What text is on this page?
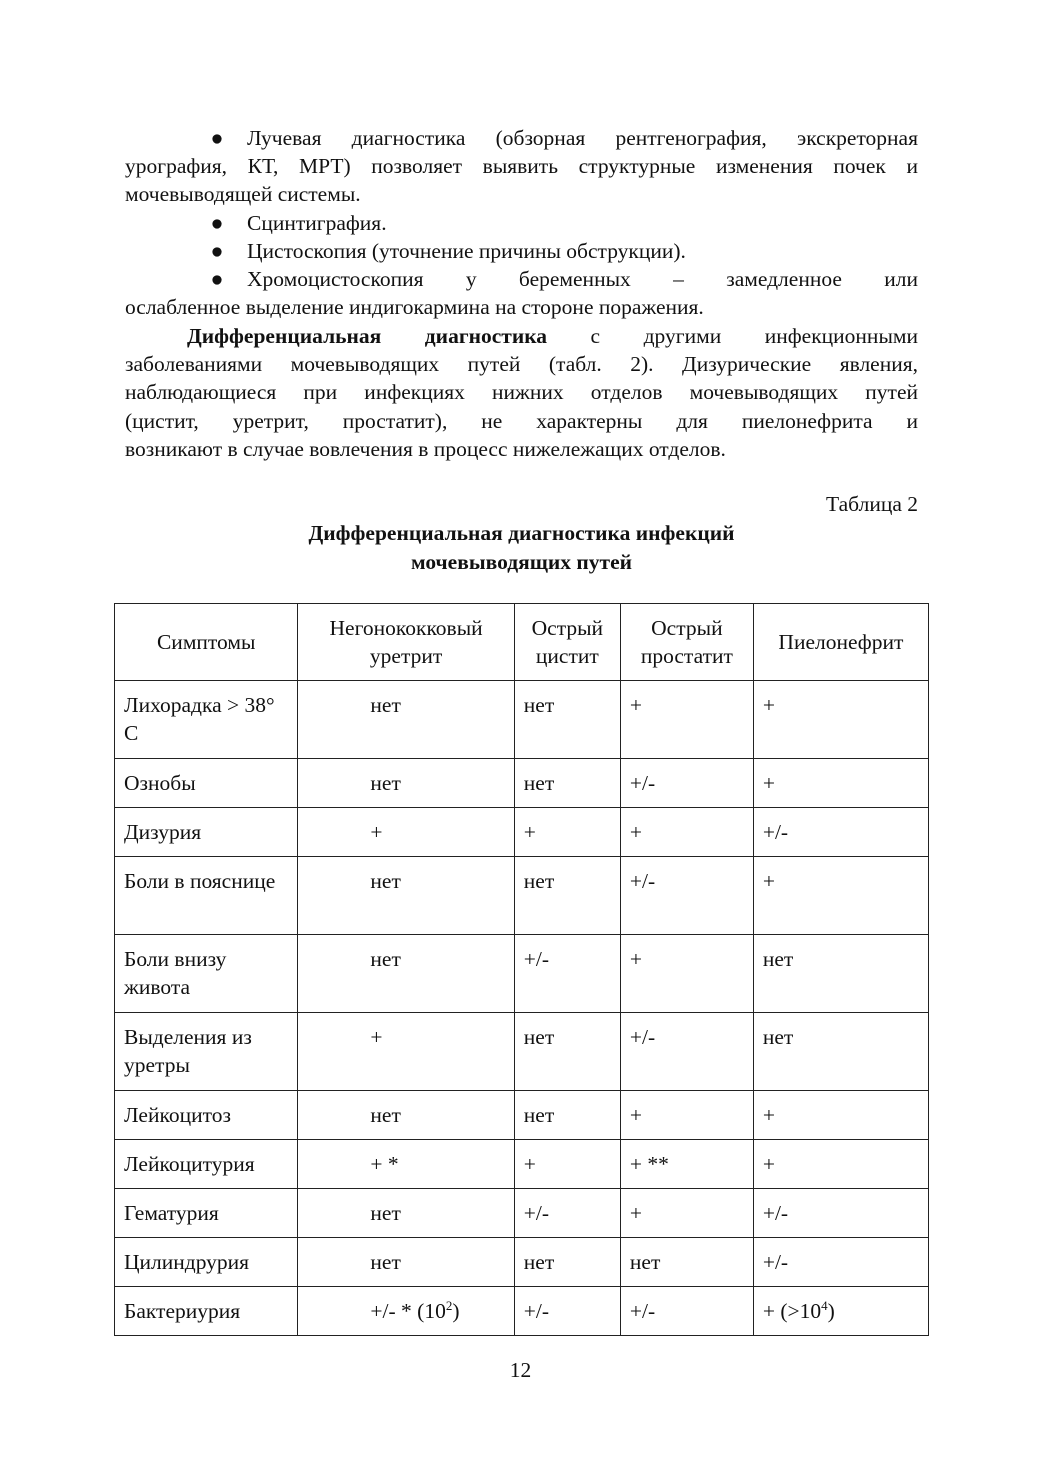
●	Лучевая диагностика (обзорная рентгенография, экскреторная
урография, КТ, МРТ) позволяет выявить структурные изменения почек и
мочевыводящей системы.
●	Сцинтиграфия.
●	Цистоскопия (уточнение причины обструкции).
●	Хромоцистоскопия у беременных – замедленное или
ослабленное выделение индигокармина на стороне поражения.
Дифференциальная диагностика с другими инфекционными
заболеваниями мочевыводящих путей (табл. 2). Дизурические явления,
наблюдающиеся при инфекциях нижних отделов мочевыводящих путей
(цистит, уретрит, простатит), не характерны для пиелонефрита и
возникают в случае вовлечения в процесс нижележащих отделов.
Таблица 2
Дифференциальная диагностика инфекций
мочевыводящих путей
Симптомы	Негонококковый уретрит	Острый цистит	Острый простатит	Пиелонефрит
Лихорадка > 38° С	нет	нет	+	+
Ознобы	нет	нет	+/-	+
Дизурия	+	+	+	+/-
Боли в пояснице	нет	нет	+/-	+
Боли внизу живота	нет	+/-	+	нет
Выделения из уретры	+	нет	+/-	нет
Лейкоцитоз	нет	нет	+	+
Лейкоцитурия	+ *	+	+ **	+
Гематурия	нет	+/-	+	+/-
Цилиндрурия	нет	нет	нет	+/-
Бактериурия	+/- * $(10^2)$	+/-	+/-	+ $(>10^4)$
12
